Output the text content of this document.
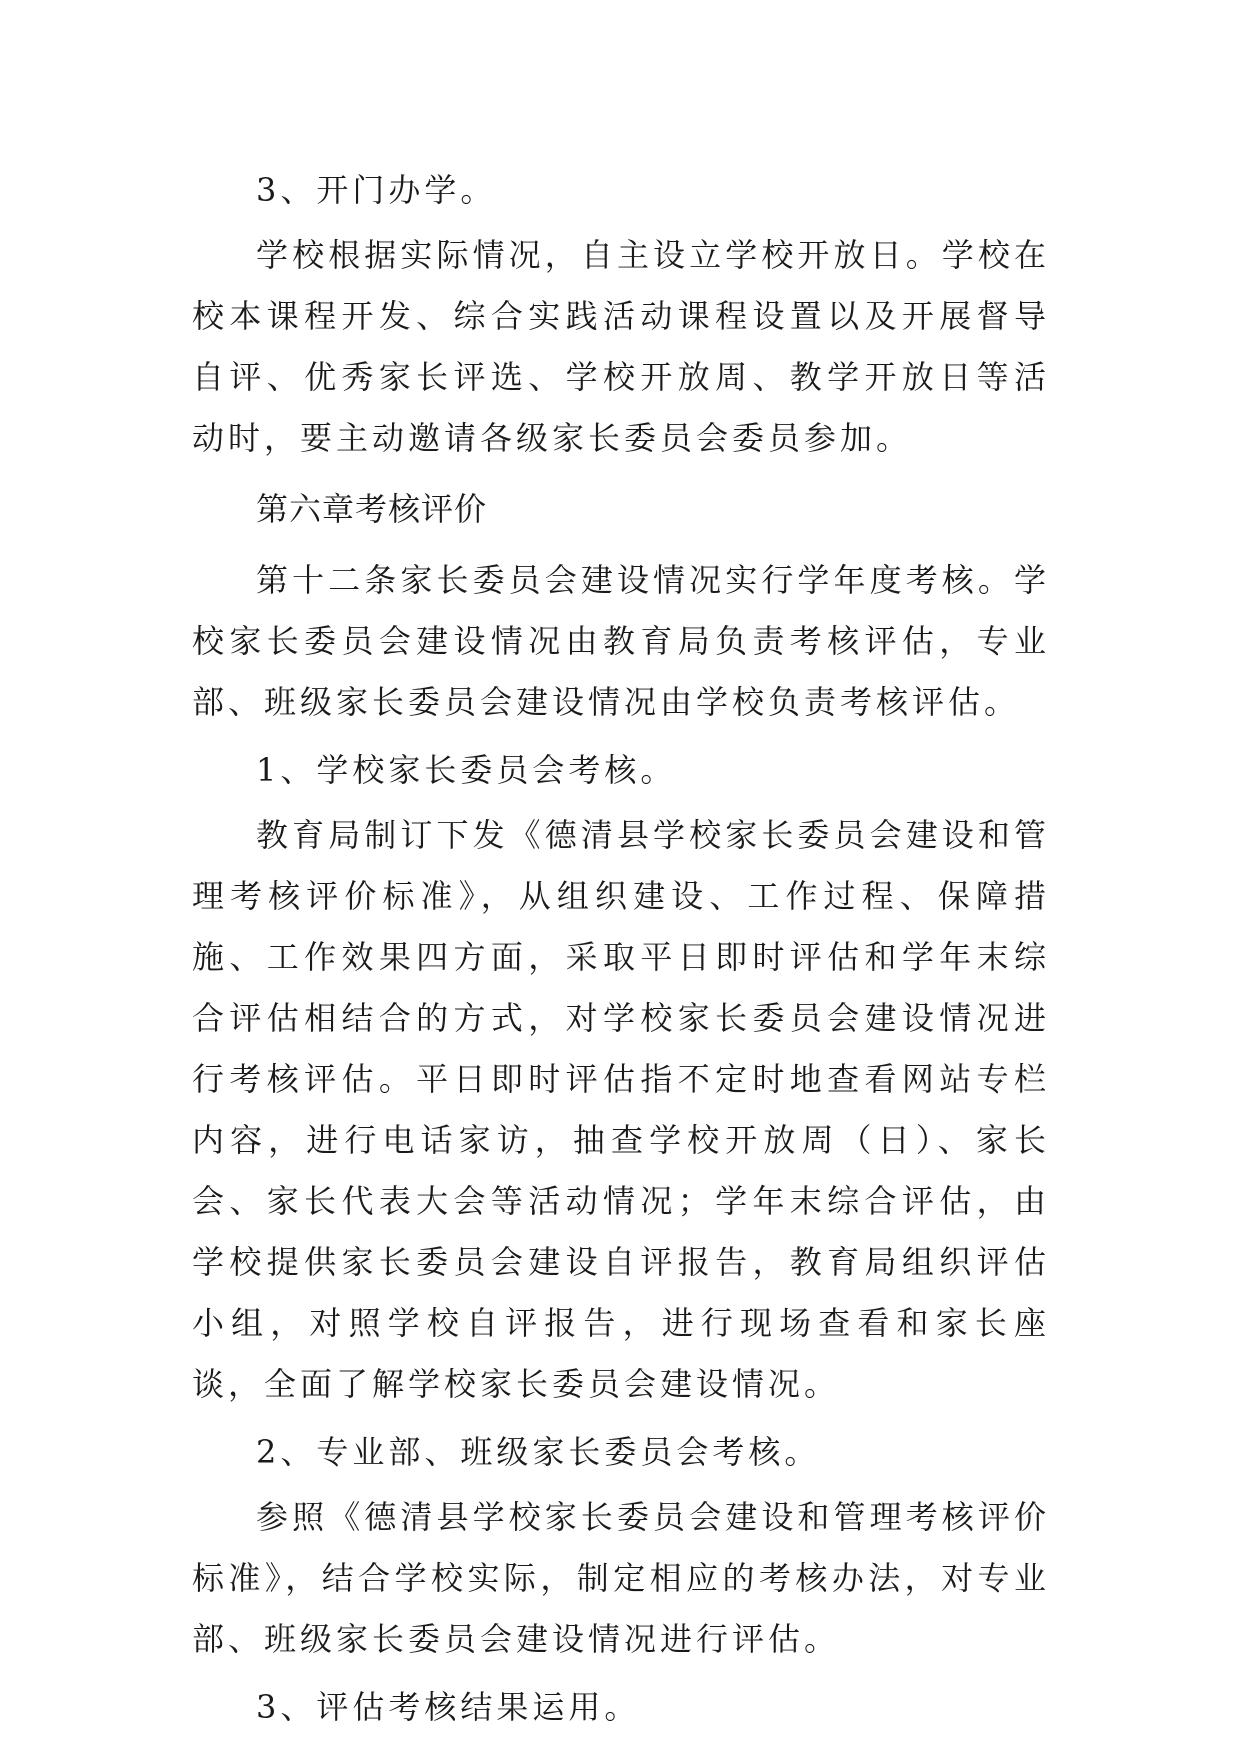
3、开门办学。

学校根据实际情况，自主设立学校开放日。学校在校本课程开发、综合实践活动课程设置以及开展督导自评、优秀家长评选、学校开放周、教学开放日等活动时，要主动邀请各级家长委员会委员参加。

第六章考核评价

第十二条家长委员会建设情况实行学年度考核。学校家长委员会建设情况由教育局负责考核评估，专业部、班级家长委员会建设情况由学校负责考核评估。

1、学校家长委员会考核。

教育局制订下发《德清县学校家长委员会建设和管理考核评价标准》，从组织建设、工作过程、保障措施、工作效果四方面，采取平日即时评估和学年末综合评估相结合的方式，对学校家长委员会建设情况进行考核评估。平日即时评估指不定时地查看网站专栏内容，进行电话家访，抽查学校开放周（日）、家长会、家长代表大会等活动情况；学年末综合评估，由学校提供家长委员会建设自评报告，教育局组织评估小组，对照学校自评报告，进行现场查看和家长座谈，全面了解学校家长委员会建设情况。

2、专业部、班级家长委员会考核。

参照《德清县学校家长委员会建设和管理考核评价标准》，结合学校实际，制定相应的考核办法，对专业部、班级家长委员会建设情况进行评估。

3、评估考核结果运用。
